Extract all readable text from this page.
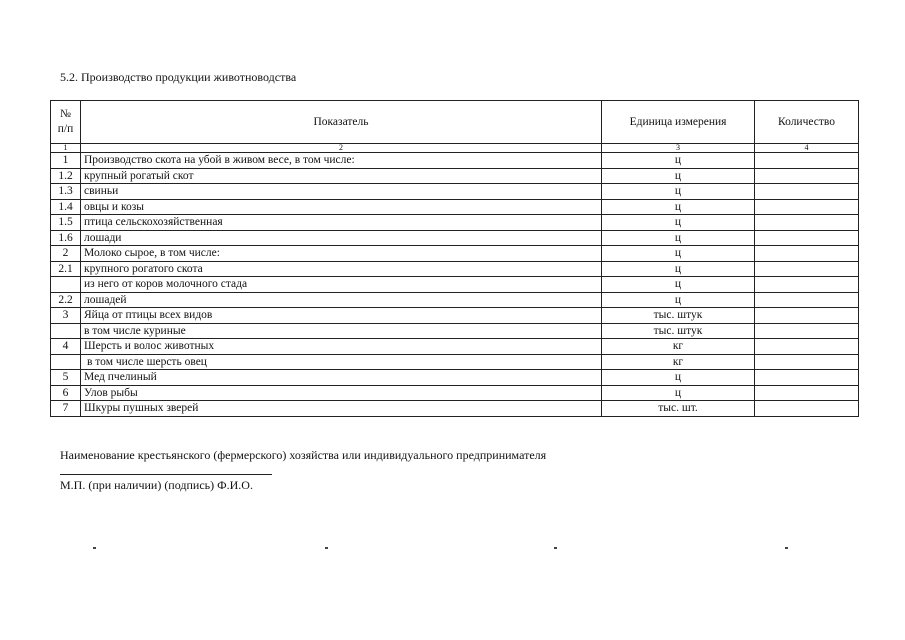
5.2. Производство продукции животноводства
№ п/п	Показатель	Единица измерения	Количество
1	2	3	4
1	Производство скота на убой в живом весе, в том числе:	ц	
1.2	крупный рогатый скот	ц	
1.3	свиньи	ц	
1.4	овцы и козы	ц	
1.5	птица сельскохозяйственная	ц	
1.6	лошади	ц	
2	Молоко сырое, в том числе:	ц	
2.1	крупного рогатого скота	ц	
	из него от коров молочного стада	ц	
2.2	лошадей	ц	
3	Яйца от птицы всех видов	тыс. штук	
	в том числе куриные	тыс. штук	
4	Шерсть и волос животных	кг	
	в том числе шерсть овец	кг	
5	Мед пчелиный	ц	
6	Улов рыбы	ц	
7	Шкуры пушных зверей	тыс. шт.	
Наименование крестьянского (фермерского) хозяйства или индивидуального предпринимателя
М.П. (при наличии) (подпись) Ф.И.О.
